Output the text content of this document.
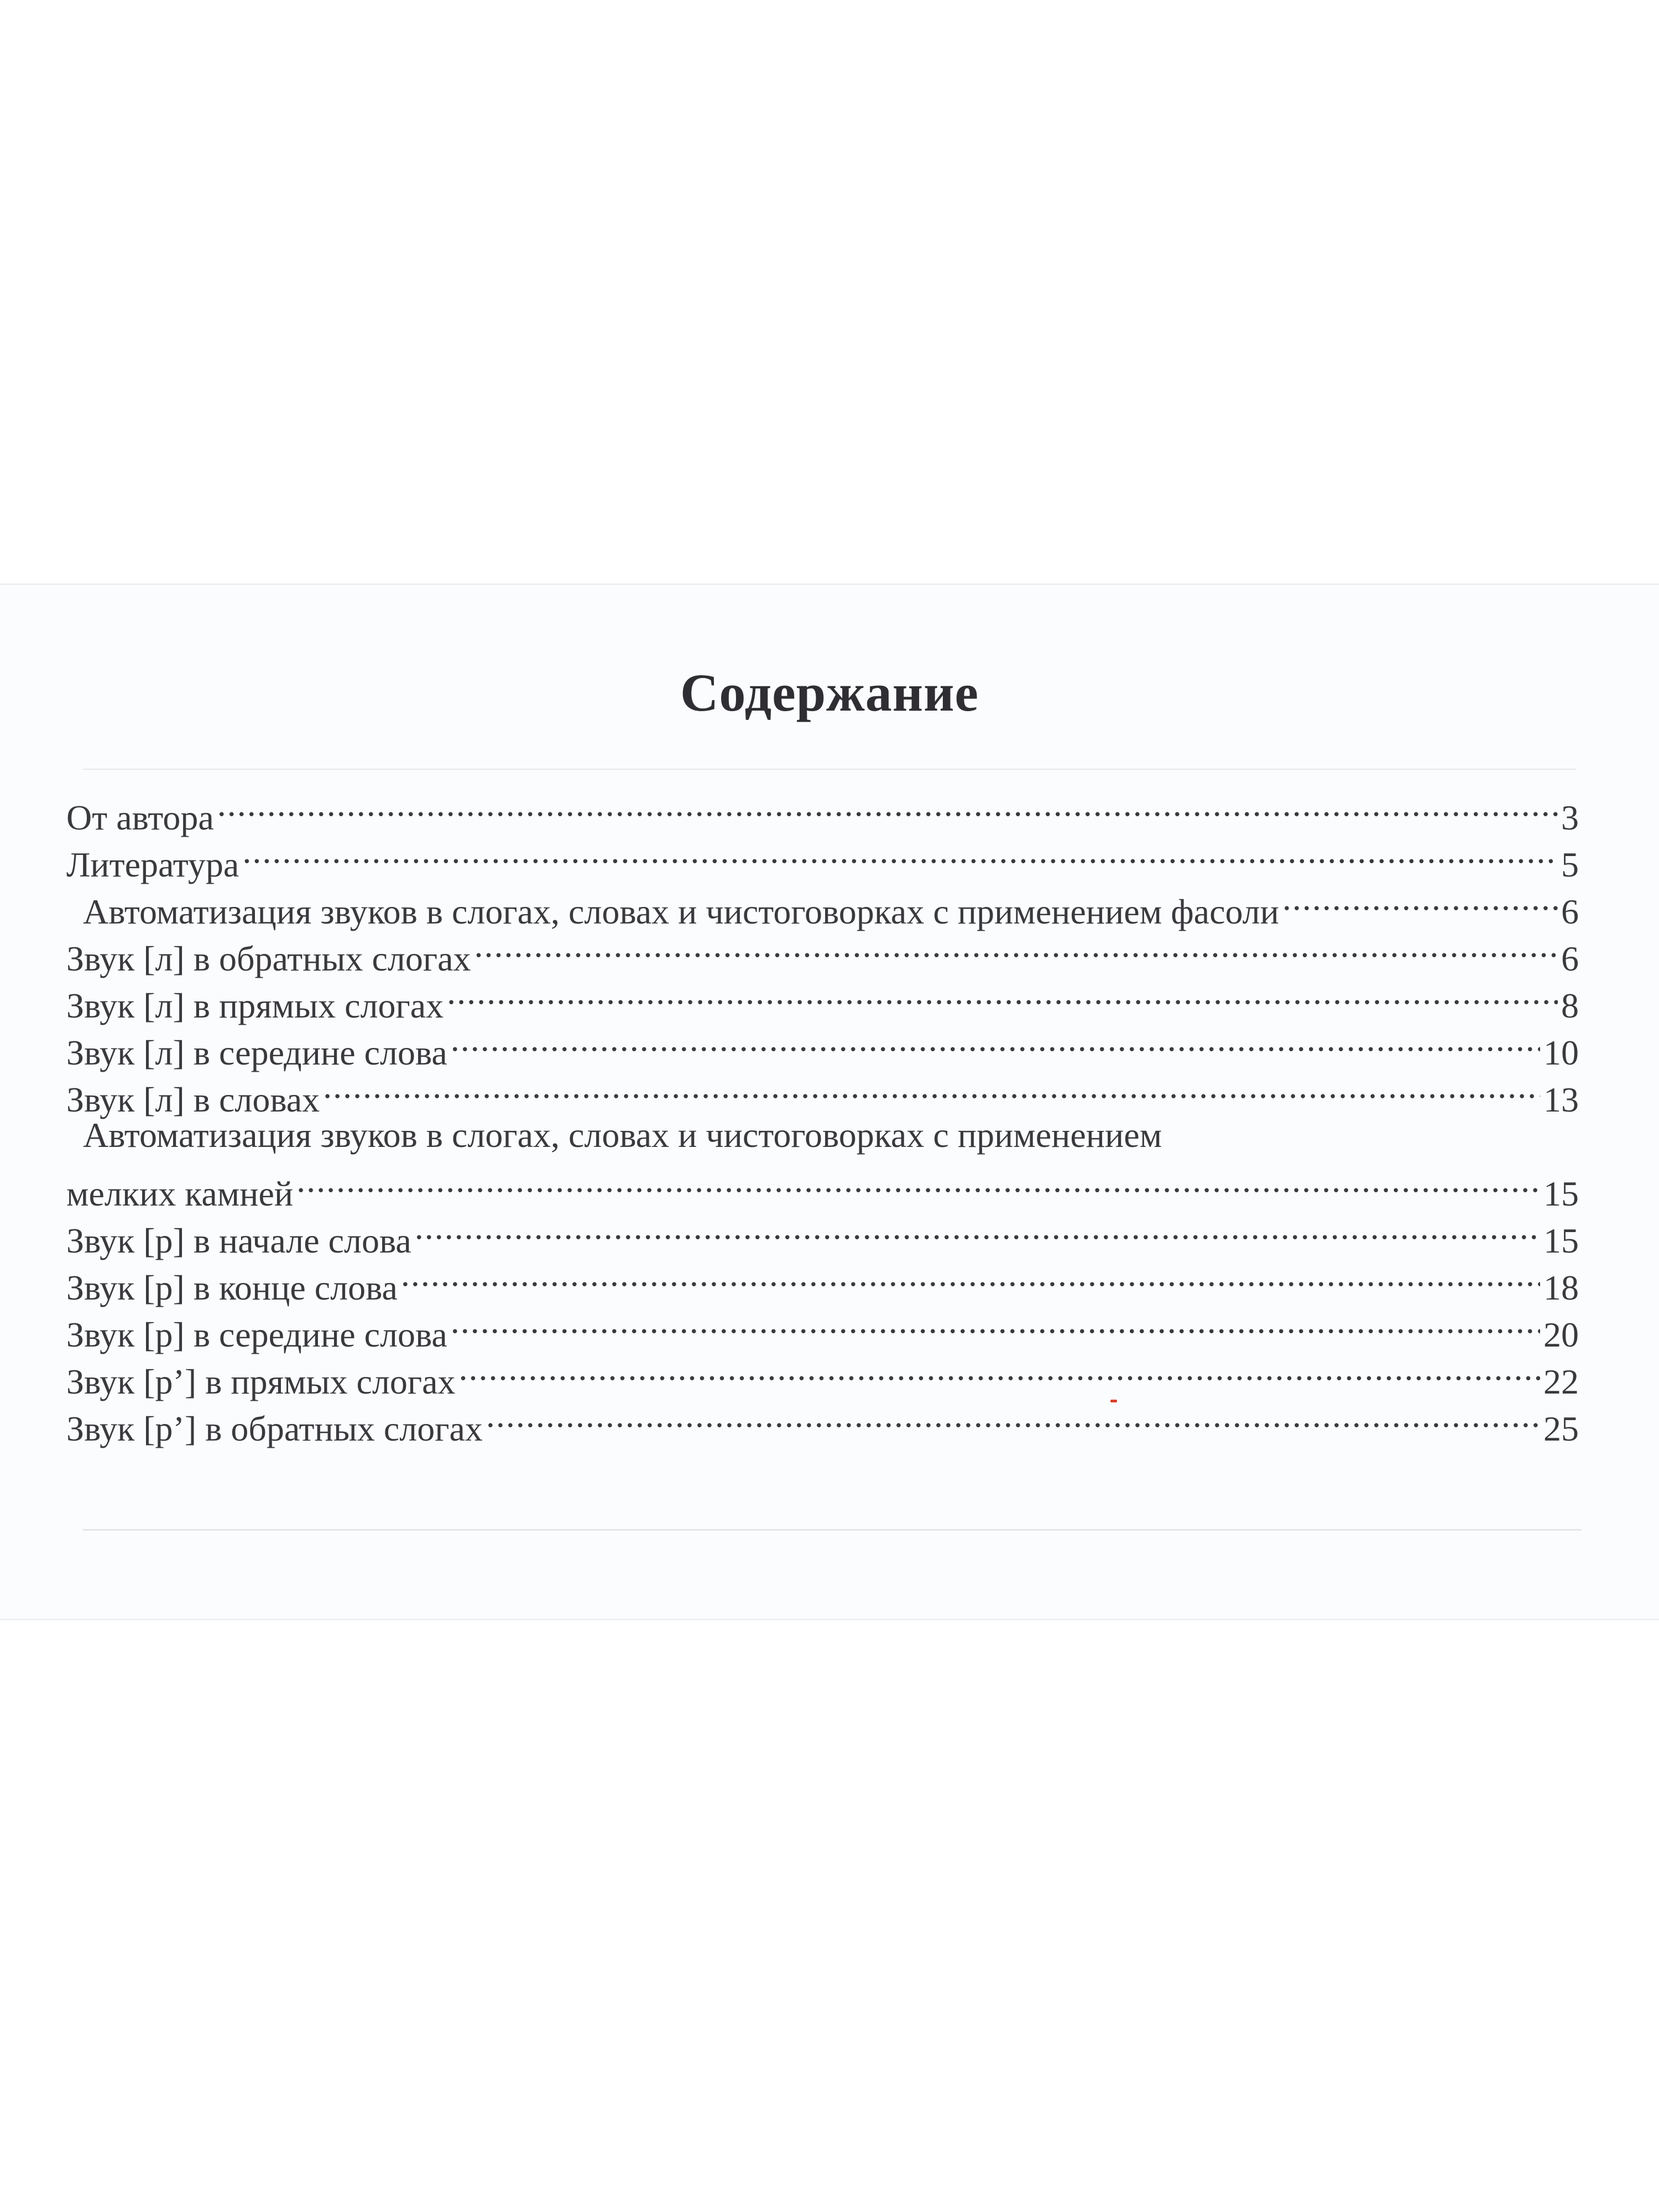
Содержание
От автора .....	3
Литература .....	5
Автоматизация звуков в слогах, словах и чистоговорках с применением фасоли .....	6
Звук [л] в обратных слогах .....	6
Звук [л] в прямых слогах .....	8
Звук [л] в середине слова .....	10
Звук [л] в словах .....	13
Автоматизация звуков в слогах, словах и чистоговорках с применением
мелких камней .....	15
Звук [р] в начале слова .....	15
Звук [р] в конце слова .....	18
Звук [р] в середине слова .....	20
Звук [р’] в прямых слогах .....	22
Звук [р’] в обратных слогах .....	25
